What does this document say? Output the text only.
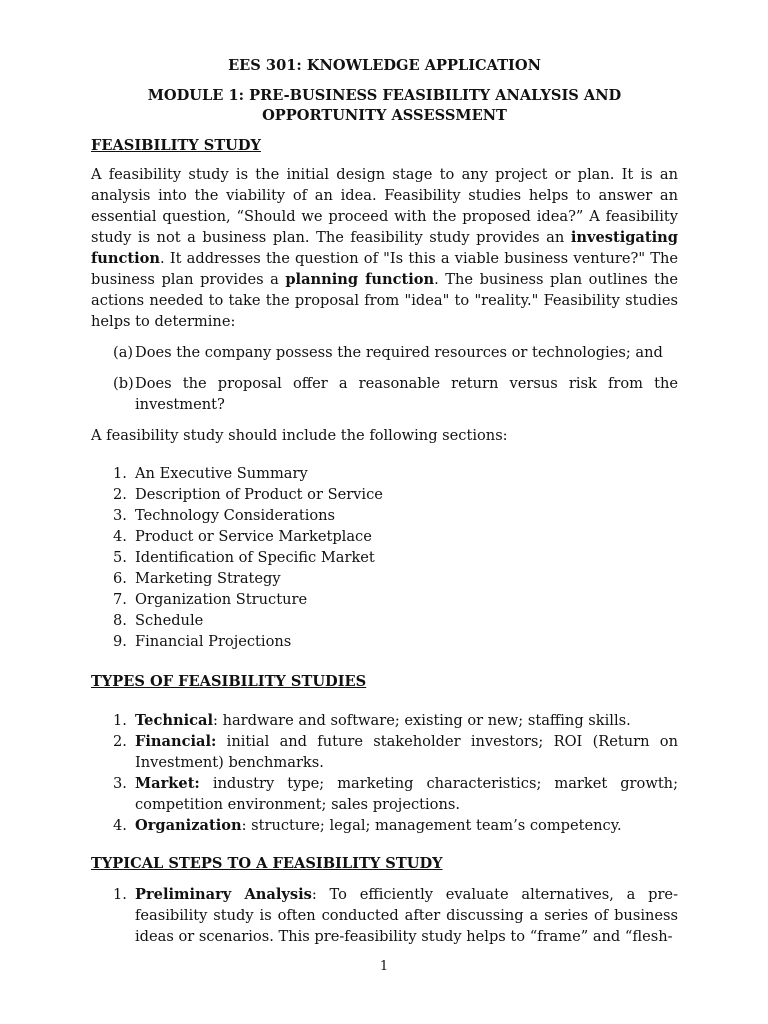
EES 301: KNOWLEDGE APPLICATION
MODULE 1: PRE-BUSINESS FEASIBILITY ANALYSIS AND OPPORTUNITY ASSESSMENT
FEASIBILITY STUDY

A feasibility study is the initial design stage to any project or plan. It is an analysis into the viability of an idea. Feasibility studies helps to answer an essential question, “Should we proceed with the proposed idea?” A feasibility study is not a business plan. The feasibility study provides an investigating function. It addresses the question of "Is this a viable business venture?" The business plan provides a planning function. The business plan outlines the actions needed to take the proposal from "idea" to "reality." Feasibility studies helps to determine:

(a) Does the company possess the required resources or technologies; and
(b) Does the proposal offer a reasonable return versus risk from the investment?

A feasibility study should include the following sections:

1. An Executive Summary
2. Description of Product or Service
3. Technology Considerations
4. Product or Service Marketplace
5. Identification of Specific Market
6. Marketing Strategy
7. Organization Structure
8. Schedule
9. Financial Projections
TYPES OF FEASIBILITY STUDIES
1. Technical: hardware and software; existing or new; staffing skills.
2. Financial: initial and future stakeholder investors; ROI (Return on Investment) benchmarks.
3. Market: industry type; marketing characteristics; market growth; competition environment; sales projections.
4. Organization: structure; legal; management team’s competency.
TYPICAL STEPS TO A FEASIBILITY STUDY
1. Preliminary Analysis: To efficiently evaluate alternatives, a pre-feasibility study is often conducted after discussing a series of business ideas or scenarios. This pre-feasibility study helps to “frame” and “flesh-
1
